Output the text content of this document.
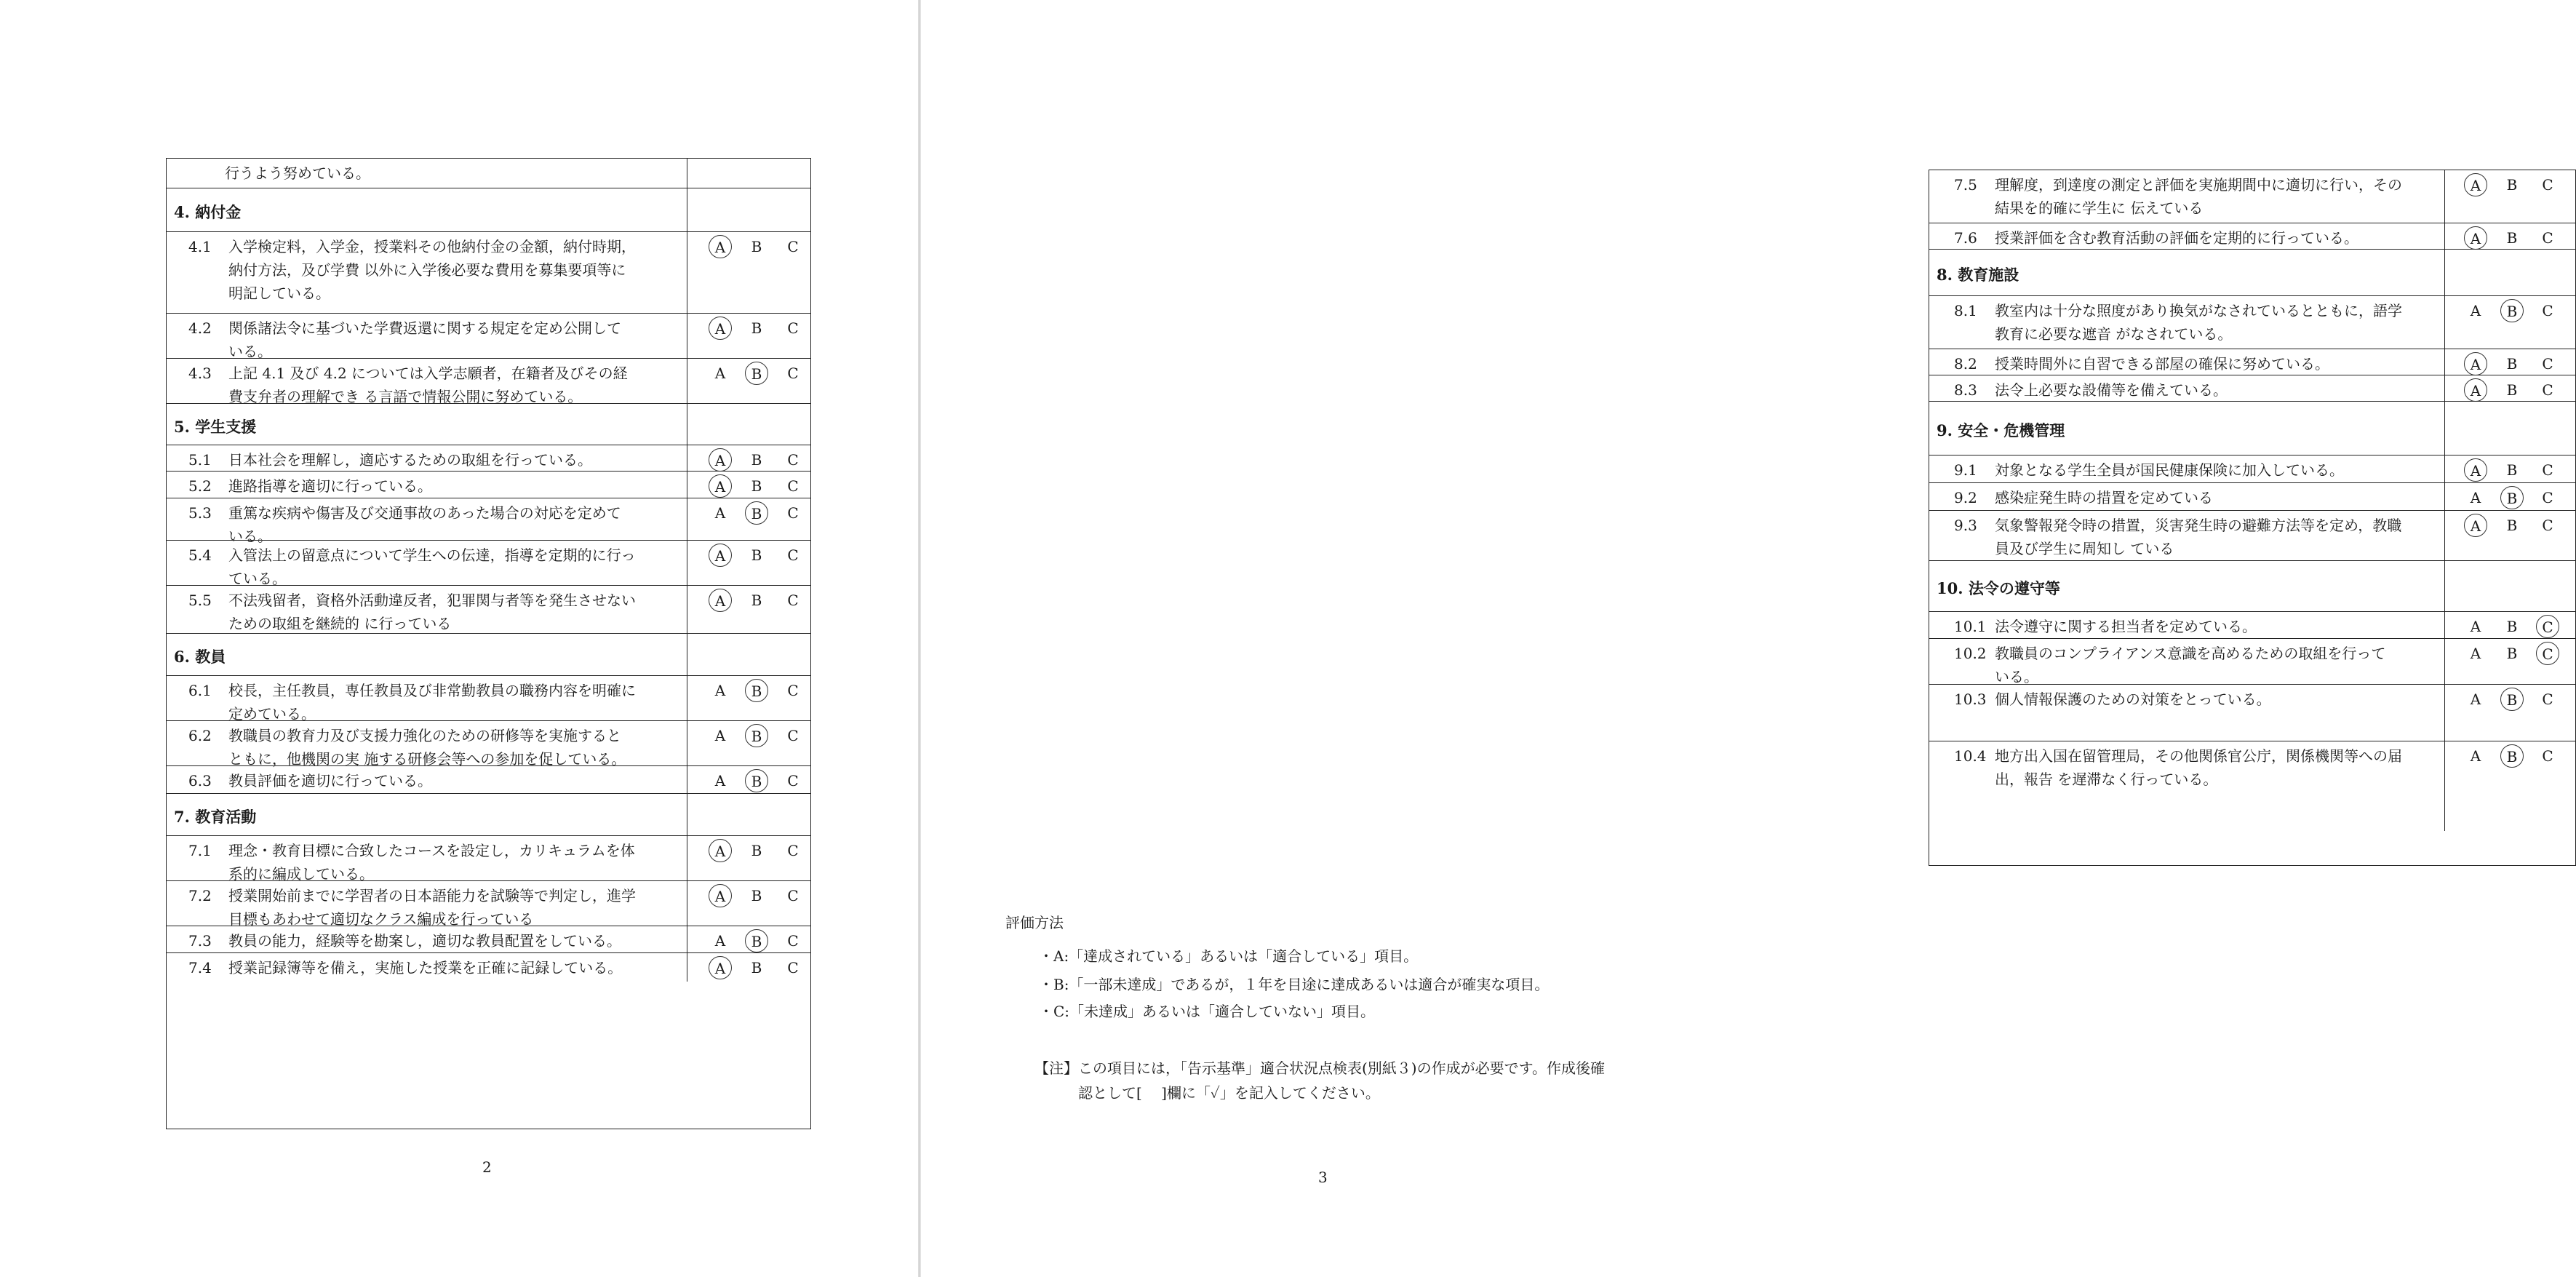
行うよう努めている。
4. 納付金
4.1 入学検定料，入学金，授業料その他納付金の金額，納付時期，
納付方法，及び学費 以外に入学後必要な費用を募集要項等に
明記している。
A	B	C
4.2 関係諸法令に基づいた学費返還に関する規定を定め公開して
いる。
A	B	C
4.3 上記 4.1 及び 4.2 については入学志願者，在籍者及びその経
費支弁者の理解でき る言語で情報公開に努めている。
A	B	C
5. 学生支援
5.1 日本社会を理解し，適応するための取組を行っている。	A	B	C
5.2 進路指導を適切に行っている。	A	B	C
5.3 重篤な疾病や傷害及び交通事故のあった場合の対応を定めて
いる。
A	B	C
5.4 入管法上の留意点について学生への伝達，指導を定期的に行っ
ている。
A	B	C
5.5 不法残留者，資格外活動違反者，犯罪関与者等を発生させない
ための取組を継続的 に行っている
A	B	C
6. 教員
6.1 校長，主任教員，専任教員及び非常勤教員の職務内容を明確に
定めている。
A	B	C
6.2 教職員の教育力及び支援力強化のための研修等を実施すると
ともに，他機関の実 施する研修会等への参加を促している。
A	B	C
6.3 教員評価を適切に行っている。	A	B	C
7. 教育活動
7.1 理念・教育目標に合致したコースを設定し，カリキュラムを体
系的に編成している。
A	B	C
7.2 授業開始前までに学習者の日本語能力を試験等で判定し，進学
目標もあわせて適切なクラス編成を行っている
A	B	C
7.3 教員の能力，経験等を勘案し，適切な教員配置をしている。	A	B	C
7.4 授業記録簿等を備え，実施した授業を正確に記録している。	A	B	C
2
7.5 理解度，到達度の測定と評価を実施期間中に適切に行い，その
結果を的確に学生に 伝えている
A	B	C
7.6 授業評価を含む教育活動の評価を定期的に行っている。	A	B	C
8. 教育施設
8.1 教室内は十分な照度があり換気がなされているとともに，語学
教育に必要な遮音 がなされている。
A	B	C
8.2 授業時間外に自習できる部屋の確保に努めている。	A	B	C
8.3 法令上必要な設備等を備えている。	A	B	C
9. 安全・危機管理
9.1 対象となる学生全員が国民健康保険に加入している。	A	B	C
9.2 感染症発生時の措置を定めている	A	B	C
9.3 気象警報発令時の措置，災害発生時の避難方法等を定め，教職
員及び学生に周知し ている
A	B	C
10. 法令の遵守等
10.1 法令遵守に関する担当者を定めている。	A	B	C
10.2 教職員のコンプライアンス意識を高めるための取組を行って
いる。
A	B	C
10.3 個人情報保護のための対策をとっている。	A	B	C
10.4 地方出入国在留管理局，その他関係官公庁，関係機関等への届
出，報告 を遅滞なく行っている。
A	B	C
評価方法
・A:「達成されている」あるいは「適合している」項目。
・B:「一部未達成」であるが，１年を目途に達成あるいは適合が確実な項目。
・C:「未達成」あるいは「適合していない」項目。
【注】この項目には，「告示基準」適合状況点検表(別紙３)の作成が必要です。作成後確
認として[　 ]欄に「✓」を記入してください。
3
